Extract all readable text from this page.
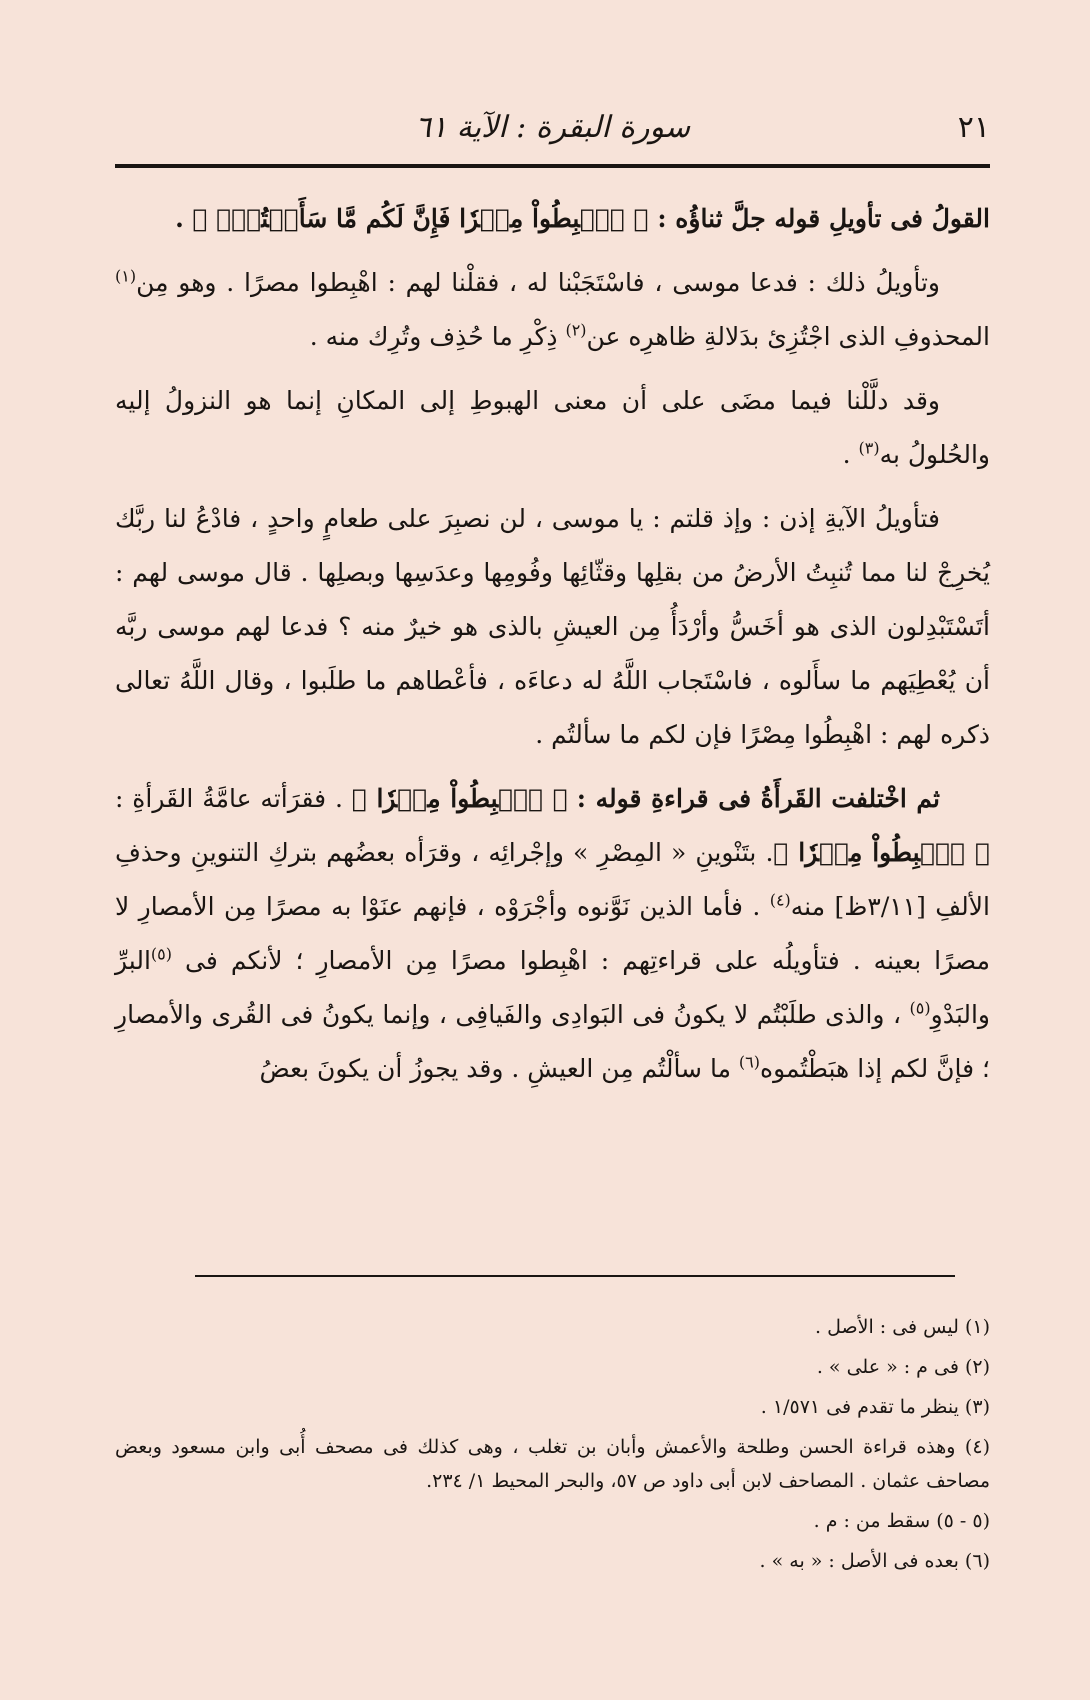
٢١
سورة البقرة : الآية ٦١

القولُ فى تأويلِ قوله جلَّ ثناؤُه : ﴿ ٱهۡبِطُواْ مِصۡرٗا فَإِنَّ لَكُم مَّا سَأَلۡتُمۡۗ ﴾ .

وتأويلُ ذلك : فدعا موسى ، فاسْتَجَبْنا له ، فقلْنا لهم : اهْبِطوا مصرًا . وهو مِن$^{(١)}$ المحذوفِ الذى اجْتُزِئ بدَلالةِ ظاهرِه عن$^{(٢)}$ ذِكْرِ ما حُذِف وتُرِك منه .

وقد دلَّلْنا فيما مضَى على أن معنى الهبوطِ إلى المكانِ إنما هو النزولُ إليه والحُلولُ به$^{(٣)}$ .

فتأويلُ الآيةِ إذن : وإذ قلتم : يا موسى ، لن نصبِرَ على طعامٍ واحدٍ ، فادْعُ لنا ربَّك يُخرِجْ لنا مما تُنبِتُ الأرضُ من بقلِها وقثّائِها وفُومِها وعدَسِها وبصلِها . قال موسى لهم : أتَسْتَبْدِلون الذى هو أخَسُّ وأرْدَأُ مِن العيشِ بالذى هو خيرٌ منه ؟ فدعا لهم موسى ربَّه أن يُعْطِيَهم ما سأَلوه ، فاسْتَجاب اللَّهُ له دعاءَه ، فأعْطاهم ما طلَبوا ، وقال اللَّهُ تعالى ذكره لهم : اهْبِطُوا مِصْرًا فإن لكم ما سألتُم .

ثم اخْتلفت القَرأَةُ فى قراءةِ قوله : ﴿ ٱهۡبِطُواْ مِصۡرٗا ﴾ . فقرَأته عامَّةُ القَرأةِ : ﴿ ٱهۡبِطُواْ مِصۡرٗا ﴾. بتَنْوينِ « المِصْرِ » وإجْرائِه ، وقرَأه بعضُهم بتركِ التنوينِ وحذفِ الألفِ [٣/١١ظ] منه$^{(٤)}$ . فأما الذين نَوَّنوه وأجْرَوْه ، فإنهم عنَوْا به مصرًا مِن الأمصارِ لا مصرًا بعينه . فتأويلُه على قراءتِهم : اهْبِطوا مصرًا مِن الأمصارِ ؛ لأنكم فى $^{(٥)}$البرِّ والبَدْوِ$^{(٥)}$ ، والذى طلَبْتُم لا يكونُ فى البَوادِى والفَيافِى ، وإنما يكونُ فى القُرى والأمصارِ ؛ فإنَّ لكم إذا هبَطْتُموه$^{(٦)}$ ما سألْتُم مِن العيشِ . وقد يجوزُ أن يكونَ بعضُ

(١) ليس فى : الأصل .

(٢) فى م : « على » .

(٣) ينظر ما تقدم فى ١/٥٧١ .

(٤) وهذه قراءة الحسن وطلحة والأعمش وأبان بن تغلب ، وهى كذلك فى مصحف أُبى وابن مسعود وبعض مصاحف عثمان . المصاحف لابن أبى داود ص ٥٧، والبحر المحيط ١/ ٢٣٤.

(٥ - ٥) سقط من : م .

(٦) بعده فى الأصل : « به » .
